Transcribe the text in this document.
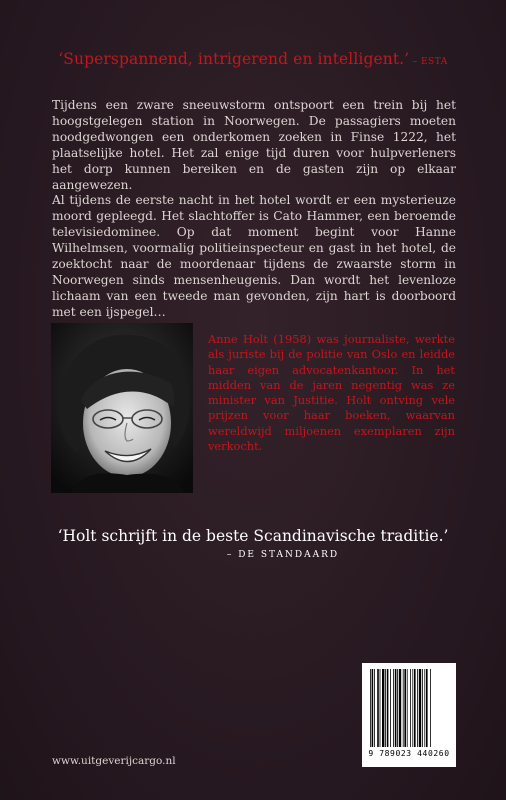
‘Superspannend, intrigerend en intelligent.’ – ESTA

Tijdens een zware sneeuwstorm ontspoort een trein bij het hoogstgelegen station in Noorwegen. De passagiers moeten noodgedwongen een onderkomen zoeken in Finse 1222, het plaatselijke hotel. Het zal enige tijd duren voor hulpverleners het dorp kunnen bereiken en de gasten zijn op elkaar aangewezen.

Al tijdens de eerste nacht in het hotel wordt er een mysterieuze moord gepleegd. Het slachtoffer is Cato Hammer, een beroemde televisiedominee. Op dat moment begint voor Hanne Wilhelmsen, voormalig politieinspecteur en gast in het hotel, de zoektocht naar de moordenaar tijdens de zwaarste storm in Noorwegen sinds mensenheugenis. Dan wordt het levenloze lichaam van een tweede man gevonden, zijn hart is doorboord met een ijspegel…

Anne Holt (1958) was journaliste, werkte als juriste bij de politie van Oslo en leidde haar eigen advocatenkantoor. In het midden van de jaren negentig was ze minister van Justitie. Holt ontving vele prijzen voor haar boeken, waarvan wereldwijd miljoenen exemplaren zijn verkocht.
‘Holt schrijft in de beste Scandinavische traditie.’
– DE STANDAARD
www.uitgeverijcargo.nl
9 789023 440260
